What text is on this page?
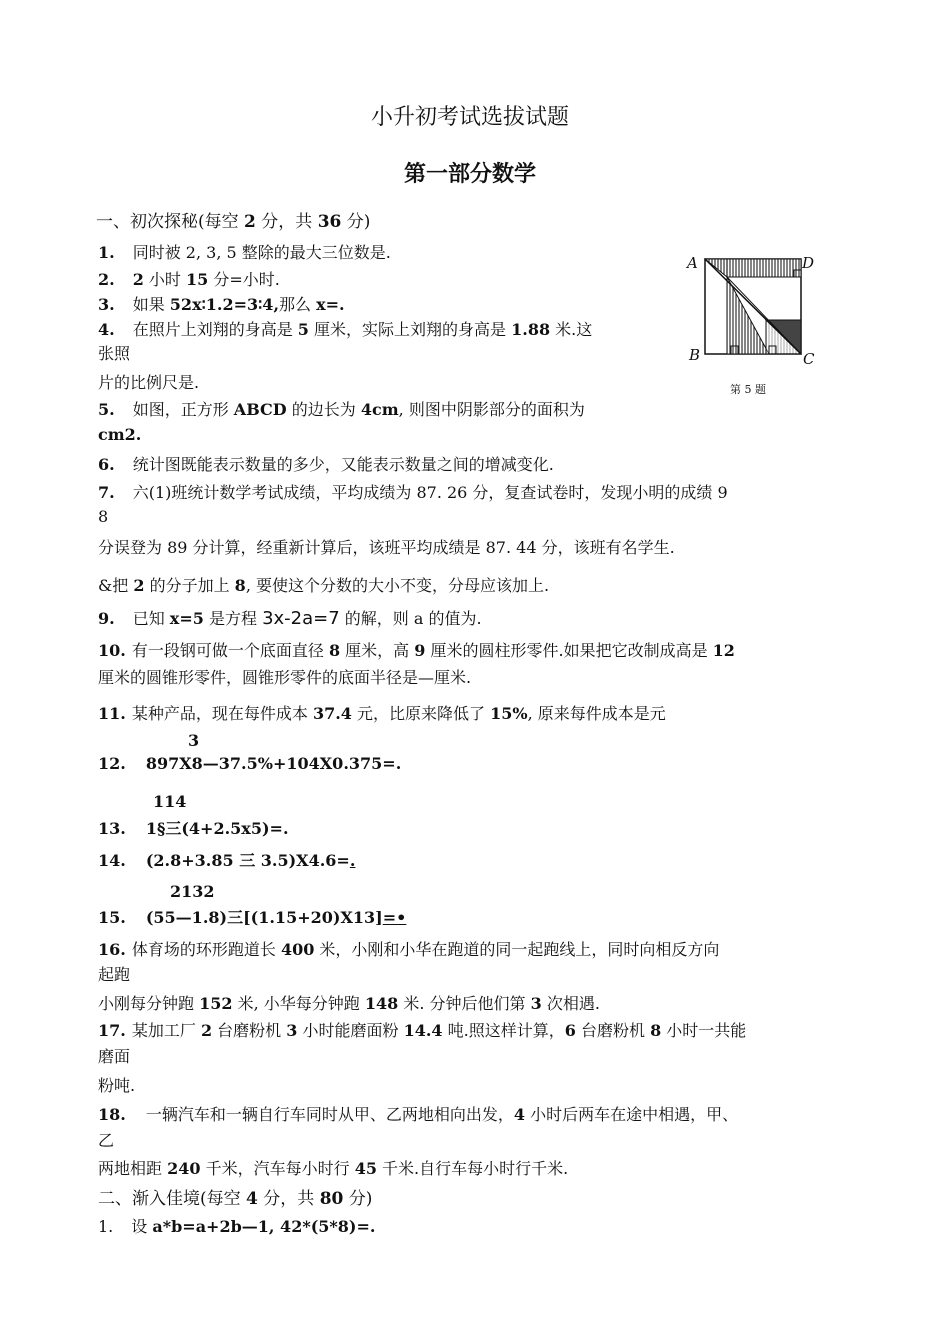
小升初考试选拔试题
第一部分数学
一、初次探秘(每空 2 分，共 36 分)
1. 同时被 2, 3, 5 整除的最大三位数是.
2. 2 小时 15 分=小时.
3. 如果 52x∶1.2=3∶4,那么 x=.
4. 在照片上刘翔的身高是 5 厘米，实际上刘翔的身高是 1.88 米.这
张照
片的比例尺是.
A	D
B	C
第 5 题
5. 如图，正方形 ABCD 的边长为 4cm, 则图中阴影部分的面积为
cm2.
6. 统计图既能表示数量的多少，又能表示数量之间的增减变化.
7. 六(1)班统计数学考试成绩，平均成绩为 87. 26 分，复查试卷时，发现小明的成绩 9
8
分误登为 89 分计算，经重新计算后，该班平均成绩是 87. 44 分，该班有名学生.
&把 2 的分子加上 8, 要使这个分数的大小不变，分母应该加上.
9. 已知 x=5 是方程 3x-2a=7 的解，则 a 的值为.
10. 有一段钢可做一个底面直径 8 厘米，高 9 厘米的圆柱形零件.如果把它改制成高是 12
厘米的圆锥形零件，圆锥形零件的底面半径是—厘米.
11. 某种产品，现在每件成本 37.4 元，比原来降低了 15%, 原来每件成本是元
3
12. 897X8—37.5%+104X0.375=.
114
13. 1§三(4+2.5x5)=.
14. (2.8+3.85 三 3.5)X4.6=.
2132
15. (55—1.8)三[(1.15+20)X13]=•
16. 体育场的环形跑道长 400 米，小刚和小华在跑道的同一起跑线上，同时向相反方向
起跑
小刚每分钟跑 152 米, 小华每分钟跑 148 米. 分钟后他们第 3 次相遇.
17. 某加工厂 2 台磨粉机 3 小时能磨面粉 14.4 吨.照这样计算，6 台磨粉机 8 小时一共能
磨面
粉吨.
18. 一辆汽车和一辆自行车同时从甲、乙两地相向出发，4 小时后两车在途中相遇，甲、
乙
两地相距 240 千米，汽车每小时行 45 千米.自行车每小时行千米.
二、渐入佳境(每空 4 分，共 80 分)
1. 设 a*b=a+2b—1, 42*(5*8)=.
